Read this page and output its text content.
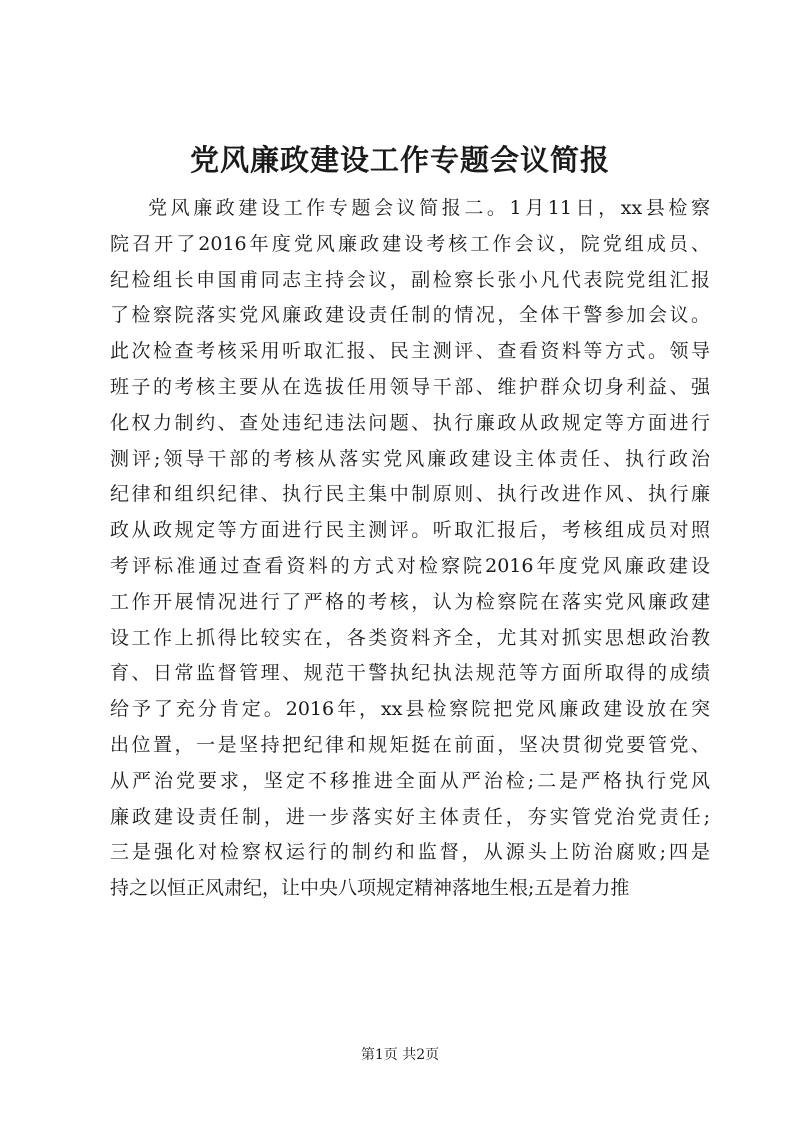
党风廉政建设工作专题会议简报
党风廉政建设工作专题会议简报二。1月11日，xx县检察
院召开了2016年度党风廉政建设考核工作会议，院党组成员、
纪检组长申国甫同志主持会议，副检察长张小凡代表院党组汇报
了检察院落实党风廉政建设责任制的情况，全体干警参加会议。
此次检查考核采用听取汇报、民主测评、查看资料等方式。领导
班子的考核主要从在选拔任用领导干部、维护群众切身利益、强
化权力制约、查处违纪违法问题、执行廉政从政规定等方面进行
测评;领导干部的考核从落实党风廉政建设主体责任、执行政治
纪律和组织纪律、执行民主集中制原则、执行改进作风、执行廉
政从政规定等方面进行民主测评。听取汇报后，考核组成员对照
考评标准通过查看资料的方式对检察院2016年度党风廉政建设
工作开展情况进行了严格的考核，认为检察院在落实党风廉政建
设工作上抓得比较实在，各类资料齐全，尤其对抓实思想政治教
育、日常监督管理、规范干警执纪执法规范等方面所取得的成绩
给予了充分肯定。2016年，xx县检察院把党风廉政建设放在突
出位置，一是坚持把纪律和规矩挺在前面，坚决贯彻党要管党、
从严治党要求，坚定不移推进全面从严治检;二是严格执行党风
廉政建设责任制，进一步落实好主体责任，夯实管党治党责任;
三是强化对检察权运行的制约和监督，从源头上防治腐败;四是
持之以恒正风肃纪，让中央八项规定精神落地生根;五是着力推
第1页 共2页
